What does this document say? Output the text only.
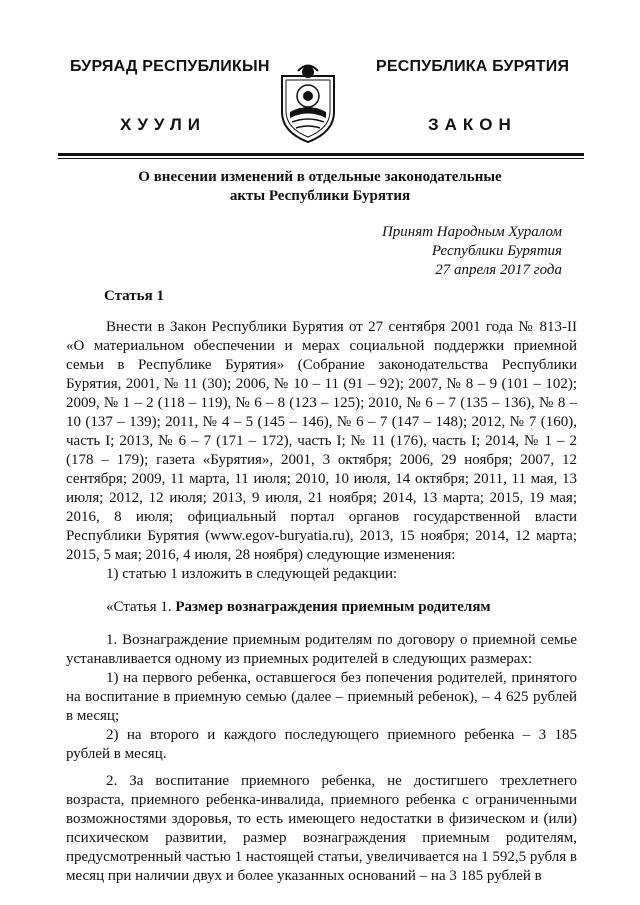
БУРЯАД РЕСПУБЛИКЫН
ХУУЛИ
РЕСПУБЛИКА БУРЯТИЯ
ЗАКОН
О внесении изменений в отдельные законодательные
акты Республики Бурятия
Принят Народным Хуралом
Республики Бурятия
27 апреля 2017 года
Статья 1

Внести в Закон Республики Бурятия от 27 сентября 2001 года № 813-II «О материальном обеспечении и мерах социальной поддержки приемной семьи в Республике Бурятия» (Собрание законодательства Республики Бурятия, 2001, № 11 (30); 2006, № 10 – 11 (91 – 92); 2007, № 8 – 9 (101 – 102); 2009, № 1 – 2 (118 – 119), № 6 – 8 (123 – 125); 2010, № 6 – 7 (135 – 136), № 8 – 10 (137 – 139); 2011, № 4 – 5 (145 – 146), № 6 – 7 (147 – 148); 2012, № 7 (160), часть I; 2013, № 6 – 7 (171 – 172), часть I; № 11 (176), часть I; 2014, № 1 – 2 (178 – 179); газета «Бурятия», 2001, 3 октября; 2006, 29 ноября; 2007, 12 сентября; 2009, 11 марта, 11 июля; 2010, 10 июля, 14 октября; 2011, 11 мая, 13 июля; 2012, 12 июля; 2013, 9 июля, 21 ноября; 2014, 13 марта; 2015, 19 мая; 2016, 8 июля; официальный портал органов государственной власти Республики Бурятия (www.egov-buryatia.ru), 2013, 15 ноября; 2014, 12 марта; 2015, 5 мая; 2016, 4 июля, 28 ноября) следующие изменения:

1) статью 1 изложить в следующей редакции:

«Статья 1. Размер вознаграждения приемным родителям

1. Вознаграждение приемным родителям по договору о приемной семье устанавливается одному из приемных родителей в следующих размерах:

1) на первого ребенка, оставшегося без попечения родителей, принятого на воспитание в приемную семью (далее – приемный ребенок), – 4 625 рублей в месяц;

2) на второго и каждого последующего приемного ребенка – 3 185 рублей в месяц.

2. За воспитание приемного ребенка, не достигшего трехлетнего возраста, приемного ребенка-инвалида, приемного ребенка с ограниченными возможностями здоровья, то есть имеющего недостатки в физическом и (или) психическом развитии, размер вознаграждения приемным родителям, предусмотренный частью 1 настоящей статьи, увеличивается на 1 592,5 рубля в месяц при наличии двух и более указанных оснований – на 3 185 рублей в
